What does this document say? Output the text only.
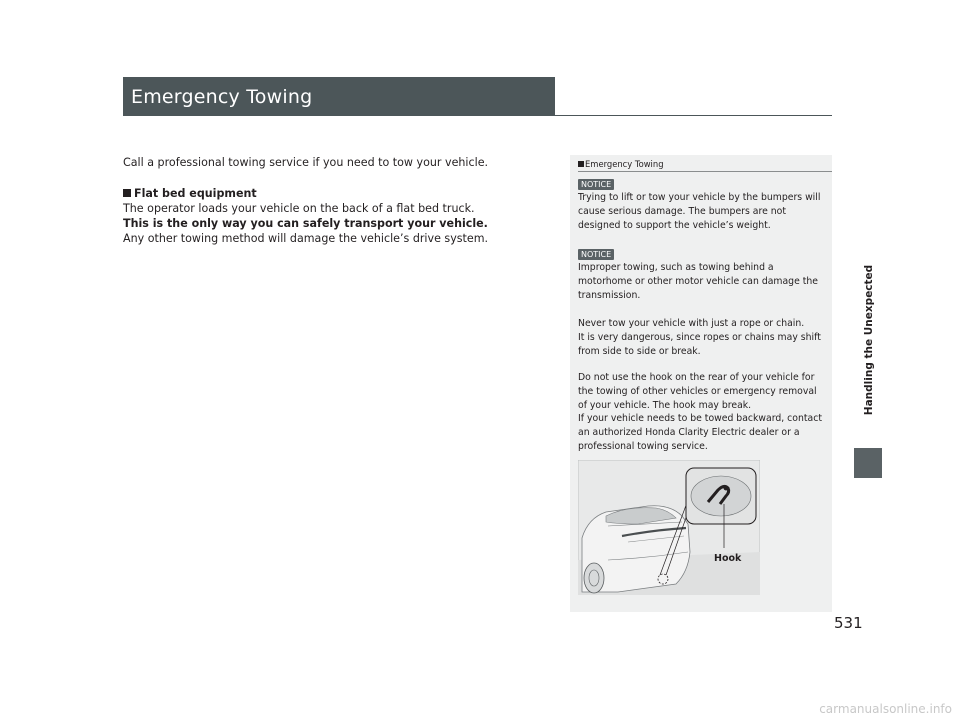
Emergency Towing

Call a professional towing service if you need to tow your vehicle.

Flat bed equipment

The operator loads your vehicle on the back of a flat bed truck.

This is the only way you can safely transport your vehicle.

Any other towing method will damage the vehicle’s drive system.

Emergency Towing
NOTICE

Trying to lift or tow your vehicle by the bumpers will cause serious damage. The bumpers are not designed to support the vehicle’s weight.

NOTICE

Improper towing, such as towing behind a motorhome or other motor vehicle can damage the transmission.

Never tow your vehicle with just a rope or chain.

It is very dangerous, since ropes or chains may shift from side to side or break.

Do not use the hook on the rear of your vehicle for the towing of other vehicles or emergency removal of your vehicle. The hook may break.

If your vehicle needs to be towed backward, contact an authorized Honda Clarity Electric dealer or a professional towing service.

Hook
Handling the Unexpected
531
carmanualsonline.info
